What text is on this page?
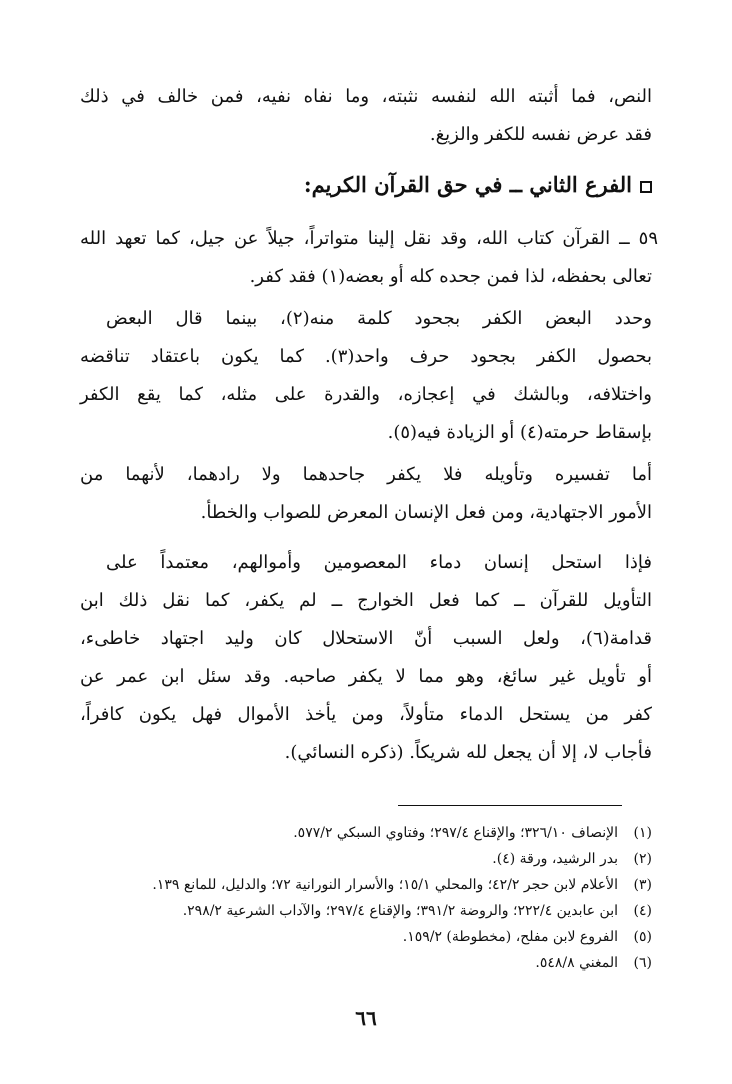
النص، فما أثبته الله لنفسه نثبته، وما نفاه نفيه، فمن خالف في ذلك
فقد عرض نفسه للكفر والزيغ.
الفرع الثاني ــ في حق القرآن الكريم:
٥٩ ــ القرآن كتاب الله، وقد نقل إلينا متواتراً، جيلاً عن جيل، كما تعهد الله
تعالى بحفظه، لذا فمن جحده كله أو بعضه(١) فقد كفر.
وحدد البعض الكفر بجحود كلمة منه(٢)، بينما قال البعض
بحصول الكفر بجحود حرف واحد(٣). كما يكون باعتقاد تناقضه
واختلافه، وبالشك في إعجازه، والقدرة على مثله، كما يقع الكفر
بإسقاط حرمته(٤) أو الزيادة فيه(٥).
أما تفسيره وتأويله فلا يكفر جاحدهما ولا رادهما، لأنهما من
الأمور الاجتهادية، ومن فعل الإنسان المعرض للصواب والخطأ.
فإذا استحل إنسان دماء المعصومين وأموالهم، معتمداً على
التأويل للقرآن ــ كما فعل الخوارج ــ لم يكفر، كما نقل ذلك ابن
قدامة(٦)، ولعل السبب أنّ الاستحلال كان وليد اجتهاد خاطىء،
أو تأويل غير سائغ، وهو مما لا يكفر صاحبه. وقد سئل ابن عمر عن
كفر من يستحل الدماء متأولاً، ومن يأخذ الأموال فهل يكون كافراً،
فأجاب لا، إلا أن يجعل لله شريكاً. (ذكره النسائي).
(١)الإنصاف ٣٢٦/١٠؛ والإقناع ٢٩٧/٤؛ وفتاوي السبكي ٥٧٧/٢.
(٢)بدر الرشيد، ورقة (٤).
(٣)الأعلام لابن حجر ٤٢/٢؛ والمحلي ١٥/١؛ والأسرار النورانية ٧٢؛ والدليل، للمانع ١٣٩.
(٤)ابن عابدين ٢٢٢/٤؛ والروضة ٣٩١/٢؛ والإقناع ٢٩٧/٤؛ والآداب الشرعية ٢٩٨/٢.
(٥)الفروع لابن مفلح، (مخطوطة) ١٥٩/٢.
(٦)المغني ٥٤٨/٨.
٦٦
